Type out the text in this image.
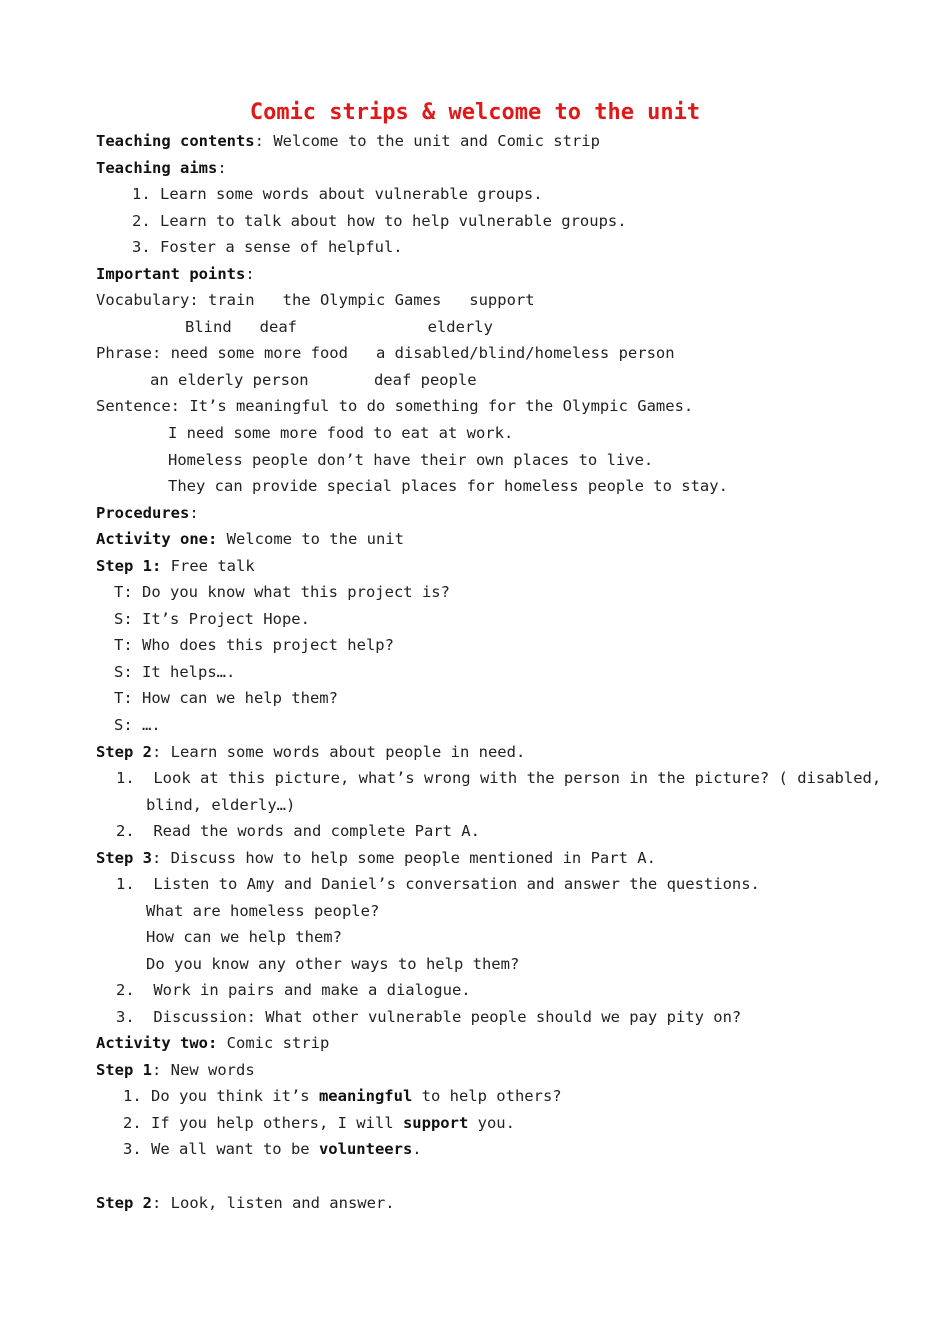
Comic strips & welcome to the unit
Teaching contents: Welcome to the unit and Comic strip
Teaching aims:
1. Learn some words about vulnerable groups.
2. Learn to talk about how to help vulnerable groups.
3. Foster a sense of helpful.
Important points:
Vocabulary: train   the Olympic Games   support
Blind   deaf              elderly
Phrase: need some more food   a disabled/blind/homeless person
an elderly person       deaf people
Sentence: It’s meaningful to do something for the Olympic Games.
I need some more food to eat at work.
Homeless people don’t have their own places to live.
They can provide special places for homeless people to stay.
Procedures:
Activity one: Welcome to the unit
Step 1: Free talk
T: Do you know what this project is?
S: It’s Project Hope.
T: Who does this project help?
S: It helps….
T: How can we help them?
S: ….
Step 2: Learn some words about people in need.
1.  Look at this picture, what’s wrong with the person in the picture? ( disabled,
blind, elderly…)
2.  Read the words and complete Part A.
Step 3: Discuss how to help some people mentioned in Part A.
1.  Listen to Amy and Daniel’s conversation and answer the questions.
What are homeless people?
How can we help them?
Do you know any other ways to help them?
2.  Work in pairs and make a dialogue.
3.  Discussion: What other vulnerable people should we pay pity on?
Activity two: Comic strip
Step 1: New words
1. Do you think it’s meaningful to help others?
2. If you help others, I will support you.
3. We all want to be volunteers.
Step 2: Look, listen and answer.
